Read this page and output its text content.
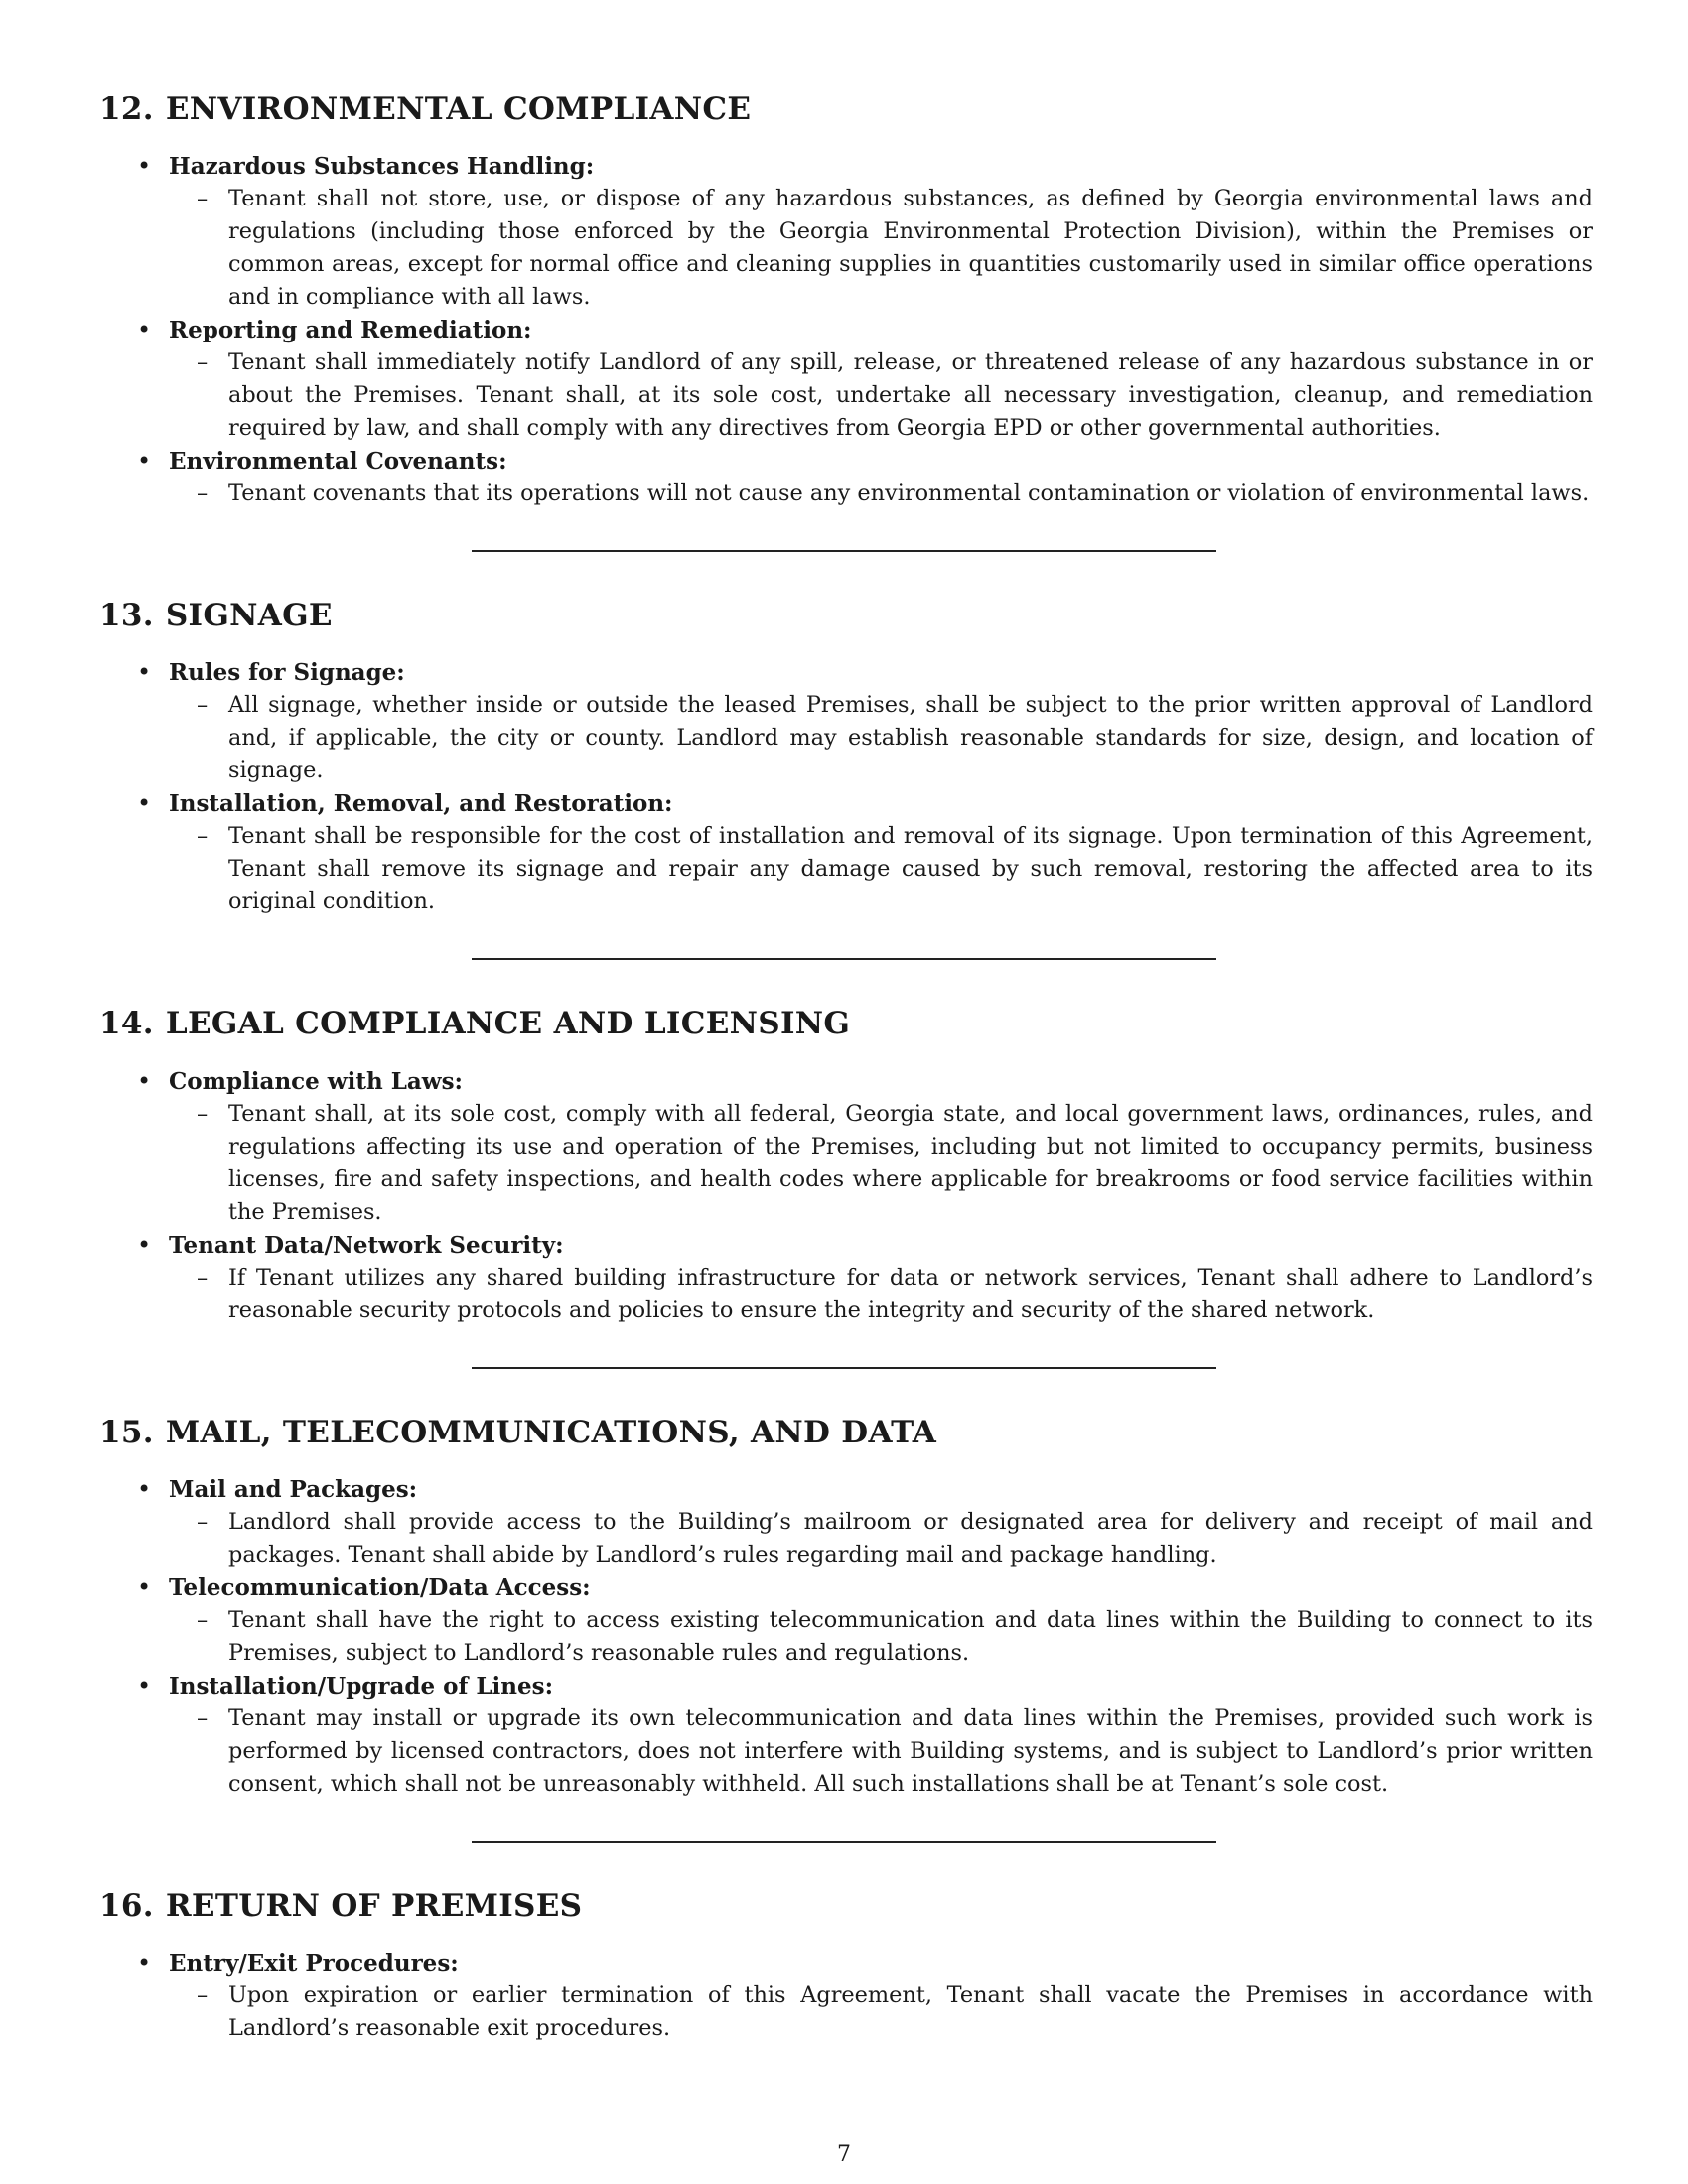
12. ENVIRONMENTAL COMPLIANCE
• Hazardous Substances Handling:
– Tenant shall not store, use, or dispose of any hazardous substances, as defined by Georgia environmental laws and regulations (including those enforced by the Georgia Environmental Protection Division), within the Premises or common areas, except for normal office and cleaning supplies in quantities customarily used in similar office operations and in compliance with all laws.
• Reporting and Remediation:
– Tenant shall immediately notify Landlord of any spill, release, or threatened release of any hazardous substance in or about the Premises. Tenant shall, at its sole cost, undertake all necessary investigation, cleanup, and remediation required by law, and shall comply with any directives from Georgia EPD or other governmental authorities.
• Environmental Covenants:
– Tenant covenants that its operations will not cause any environmental contamination or violation of environmental laws.
13. SIGNAGE
• Rules for Signage:
– All signage, whether inside or outside the leased Premises, shall be subject to the prior written approval of Landlord and, if applicable, the city or county. Landlord may establish reasonable standards for size, design, and location of signage.
• Installation, Removal, and Restoration:
– Tenant shall be responsible for the cost of installation and removal of its signage. Upon termination of this Agreement, Tenant shall remove its signage and repair any damage caused by such removal, restoring the affected area to its original condition.
14. LEGAL COMPLIANCE AND LICENSING
• Compliance with Laws:
– Tenant shall, at its sole cost, comply with all federal, Georgia state, and local government laws, ordinances, rules, and regulations affecting its use and operation of the Premises, including but not limited to occupancy permits, business licenses, fire and safety inspections, and health codes where applicable for breakrooms or food service facilities within the Premises.
• Tenant Data/Network Security:
– If Tenant utilizes any shared building infrastructure for data or network services, Tenant shall adhere to Landlord’s reasonable security protocols and policies to ensure the integrity and security of the shared network.
15. MAIL, TELECOMMUNICATIONS, AND DATA
• Mail and Packages:
– Landlord shall provide access to the Building’s mailroom or designated area for delivery and receipt of mail and packages. Tenant shall abide by Landlord’s rules regarding mail and package handling.
• Telecommunication/Data Access:
– Tenant shall have the right to access existing telecommunication and data lines within the Building to connect to its Premises, subject to Landlord’s reasonable rules and regulations.
• Installation/Upgrade of Lines:
– Tenant may install or upgrade its own telecommunication and data lines within the Premises, provided such work is performed by licensed contractors, does not interfere with Building systems, and is subject to Landlord’s prior written consent, which shall not be unreasonably withheld. All such installations shall be at Tenant’s sole cost.
16. RETURN OF PREMISES
• Entry/Exit Procedures:
– Upon expiration or earlier termination of this Agreement, Tenant shall vacate the Premises in accordance with Landlord’s reasonable exit procedures.
7
